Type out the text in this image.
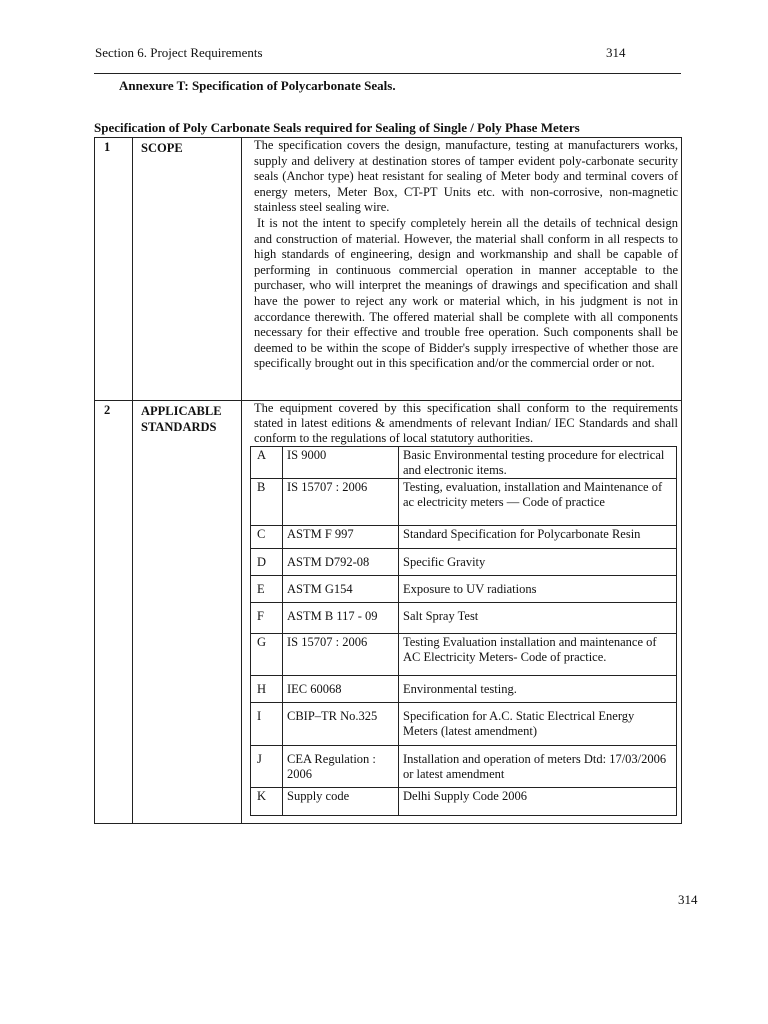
Section 6. Project Requirements	314
Annexure T: Specification of Polycarbonate Seals.
Specification of Poly Carbonate Seals required for Sealing of Single / Poly Phase Meters
1 SCOPE	The specification covers the design, manufacture, testing at manufacturers works, supply and delivery at destination stores of tamper evident poly-carbonate security seals (Anchor type) heat resistant for sealing of Meter body and terminal covers of energy meters, Meter Box, CT-PT Units etc. with non-corrosive, non-magnetic stainless steel sealing wire.
It is not the intent to specify completely herein all the details of technical design and construction of material. However, the material shall conform in all respects to high standards of engineering, design and workmanship and shall be capable of performing in continuous commercial operation in manner acceptable to the purchaser, who will interpret the meanings of drawings and specification and shall have the power to reject any work or material which, in his judgment is not in accordance therewith. The offered material shall be complete with all components necessary for their effective and trouble free operation. Such components shall be deemed to be within the scope of Bidder's supply irrespective of whether those are specifically brought out in this specification and/or the commercial order or not.
2 APPLICABLE
STANDARDS
The equipment covered by this specification shall conform to the requirements stated in latest editions & amendments of relevant Indian/ IEC Standards and shall conform to the regulations of local statutory authorities.
A	IS 9000	Basic Environmental testing procedure for electrical and electronic items.
B	IS 15707 : 2006	Testing, evaluation, installation and Maintenance of ac electricity meters — Code of practice
C	ASTM F 997	Standard Specification for Polycarbonate Resin
D	ASTM D792-08	Specific Gravity
E	ASTM G154	Exposure to UV radiations
F	ASTM B 117 - 09	Salt Spray Test
G	IS 15707 : 2006	Testing Evaluation installation and maintenance of AC Electricity Meters- Code of practice.
H	IEC 60068	Environmental testing.
I	CBIP–TR No.325	Specification for A.C. Static Electrical Energy Meters (latest amendment)
J	CEA Regulation : 2006	Installation and operation of meters Dtd: 17/03/2006 or latest amendment
K	Supply code	Delhi Supply Code 2006
314
